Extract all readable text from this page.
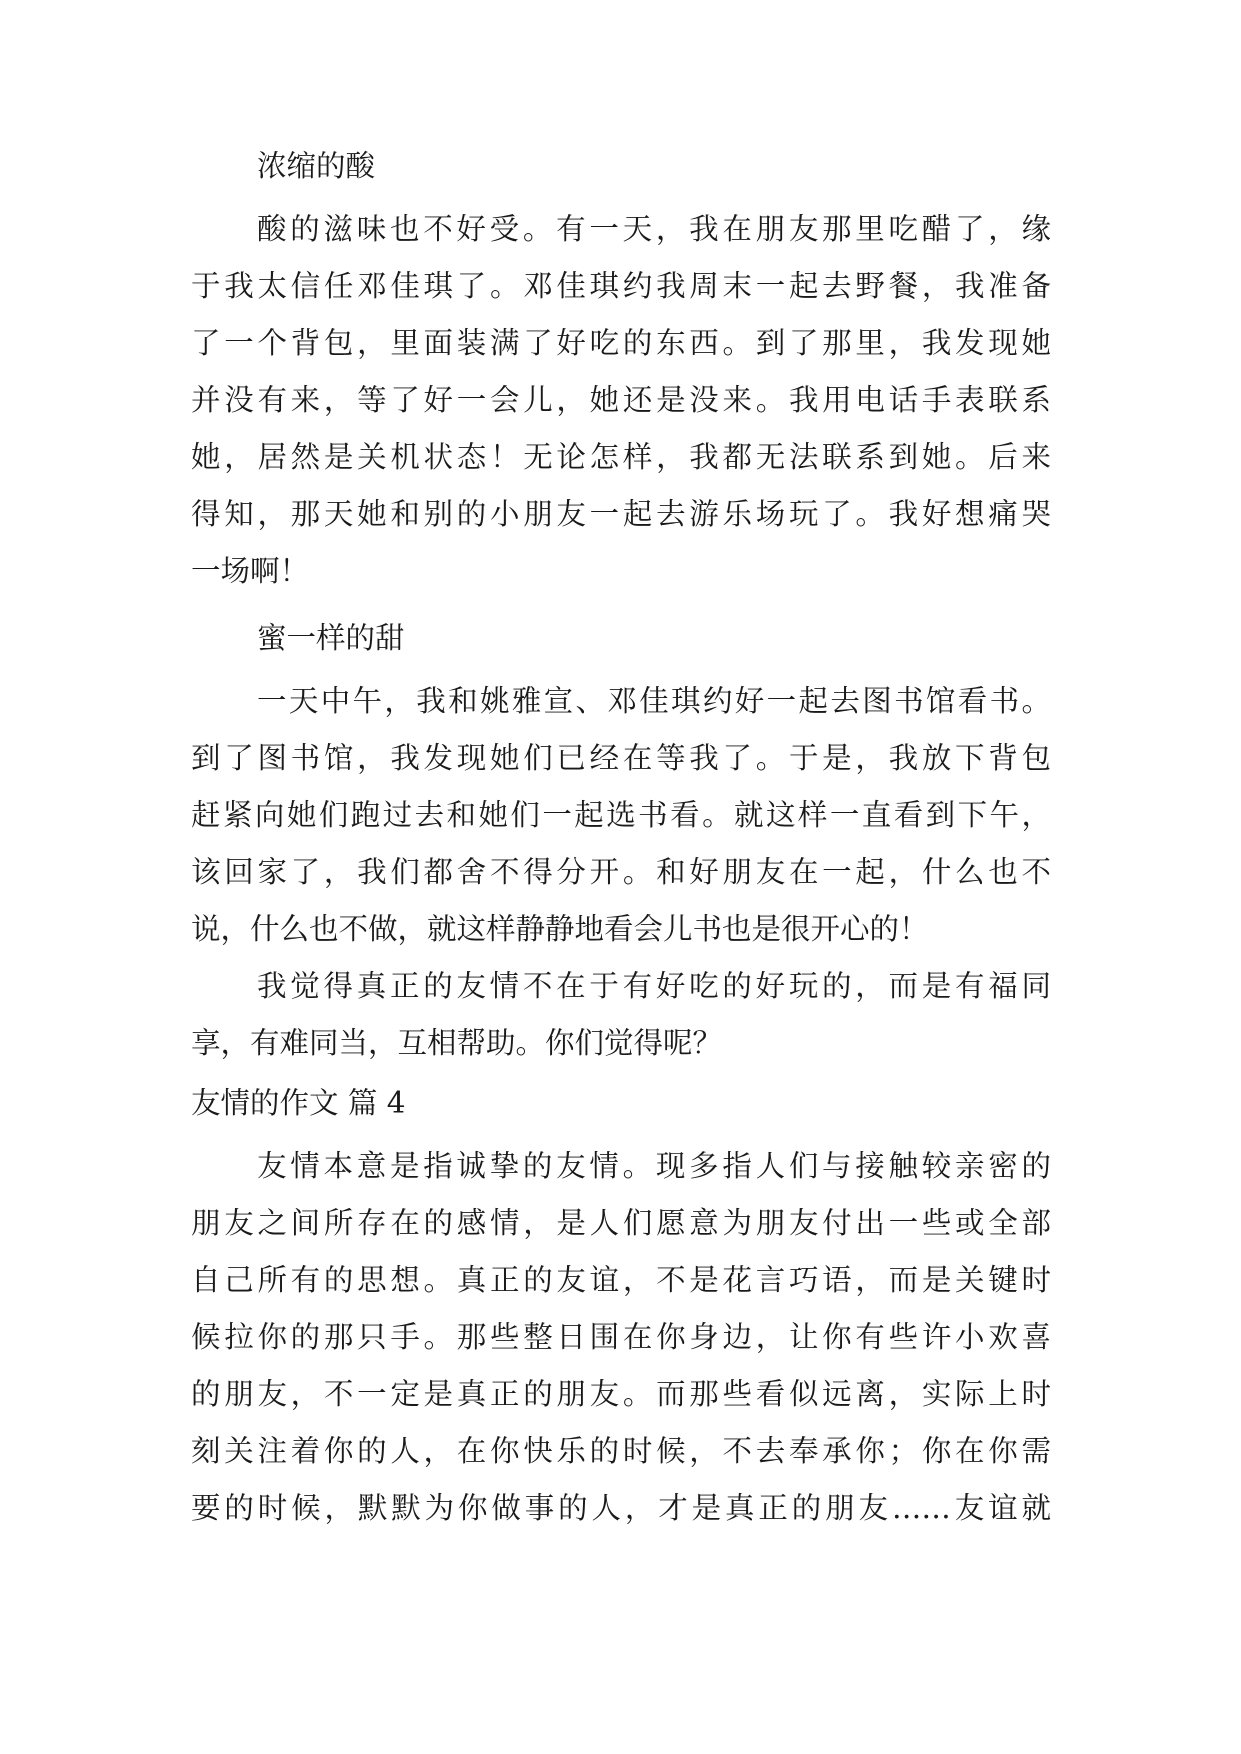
浓缩的酸
酸的滋味也不好受。有一天，我在朋友那里吃醋了，缘
于我太信任邓佳琪了。邓佳琪约我周末一起去野餐，我准备
了一个背包，里面装满了好吃的东西。到了那里，我发现她
并没有来，等了好一会儿，她还是没来。我用电话手表联系
她，居然是关机状态！无论怎样，我都无法联系到她。后来
得知，那天她和别的小朋友一起去游乐场玩了。我好想痛哭
一场啊！
蜜一样的甜
一天中午，我和姚雅宣、邓佳琪约好一起去图书馆看书。
到了图书馆，我发现她们已经在等我了。于是，我放下背包
赶紧向她们跑过去和她们一起选书看。就这样一直看到下午，
该回家了，我们都舍不得分开。和好朋友在一起，什么也不
说，什么也不做，就这样静静地看会儿书也是很开心的！
我觉得真正的友情不在于有好吃的好玩的，而是有福同
享，有难同当，互相帮助。你们觉得呢？
友情的作文 篇 4
友情本意是指诚挚的友情。现多指人们与接触较亲密的
朋友之间所存在的感情，是人们愿意为朋友付出一些或全部
自己所有的思想。真正的友谊，不是花言巧语，而是关键时
候拉你的那只手。那些整日围在你身边，让你有些许小欢喜
的朋友，不一定是真正的朋友。而那些看似远离，实际上时
刻关注着你的人，在你快乐的时候，不去奉承你；你在你需
要的时候，默默为你做事的人，才是真正的朋友……友谊就
